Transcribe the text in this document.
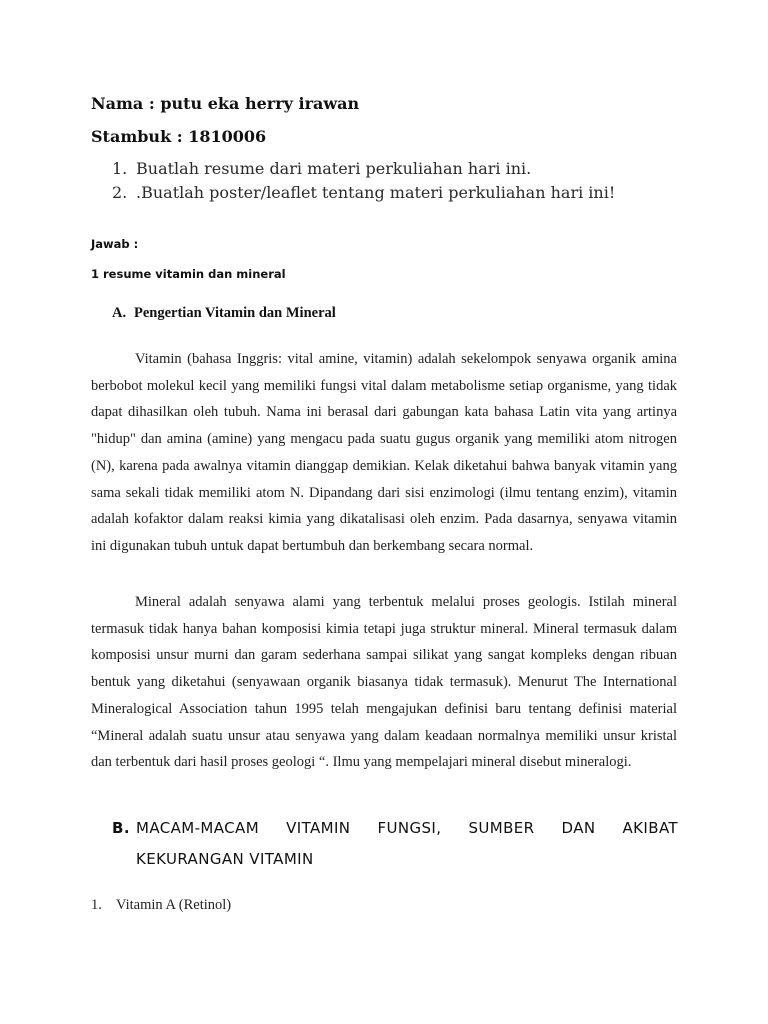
Nama : putu eka herry irawan
Stambuk : 1810006
1. Buatlah resume dari materi perkuliahan hari ini.
2. .Buatlah poster/leaflet tentang materi perkuliahan hari ini!
Jawab :
1 resume vitamin dan mineral
A. Pengertian Vitamin dan Mineral

Vitamin (bahasa Inggris: vital amine, vitamin) adalah sekelompok senyawa organik amina berbobot molekul kecil yang memiliki fungsi vital dalam metabolisme setiap organisme, yang tidak dapat dihasilkan oleh tubuh. Nama ini berasal dari gabungan kata bahasa Latin vita yang artinya "hidup" dan amina (amine) yang mengacu pada suatu gugus organik yang memiliki atom nitrogen (N), karena pada awalnya vitamin dianggap demikian. Kelak diketahui bahwa banyak vitamin yang sama sekali tidak memiliki atom N. Dipandang dari sisi enzimologi (ilmu tentang enzim), vitamin adalah kofaktor dalam reaksi kimia yang dikatalisasi oleh enzim. Pada dasarnya, senyawa vitamin ini digunakan tubuh untuk dapat bertumbuh dan berkembang secara normal.

Mineral adalah senyawa alami yang terbentuk melalui proses geologis. Istilah mineral termasuk tidak hanya bahan komposisi kimia tetapi juga struktur mineral. Mineral termasuk dalam komposisi unsur murni dan garam sederhana sampai silikat yang sangat kompleks dengan ribuan bentuk yang diketahui (senyawaan organik biasanya tidak termasuk). Menurut The International Mineralogical Association tahun 1995 telah mengajukan definisi baru tentang definisi material “Mineral adalah suatu unsur atau senyawa yang dalam keadaan normalnya memiliki unsur kristal dan terbentuk dari hasil proses geologi “. Ilmu yang mempelajari mineral disebut mineralogi.

B. MACAM-MACAM VITAMIN FUNGSI, SUMBER DAN AKIBAT
KEKURANGAN VITAMIN
1. Vitamin A (Retinol)
